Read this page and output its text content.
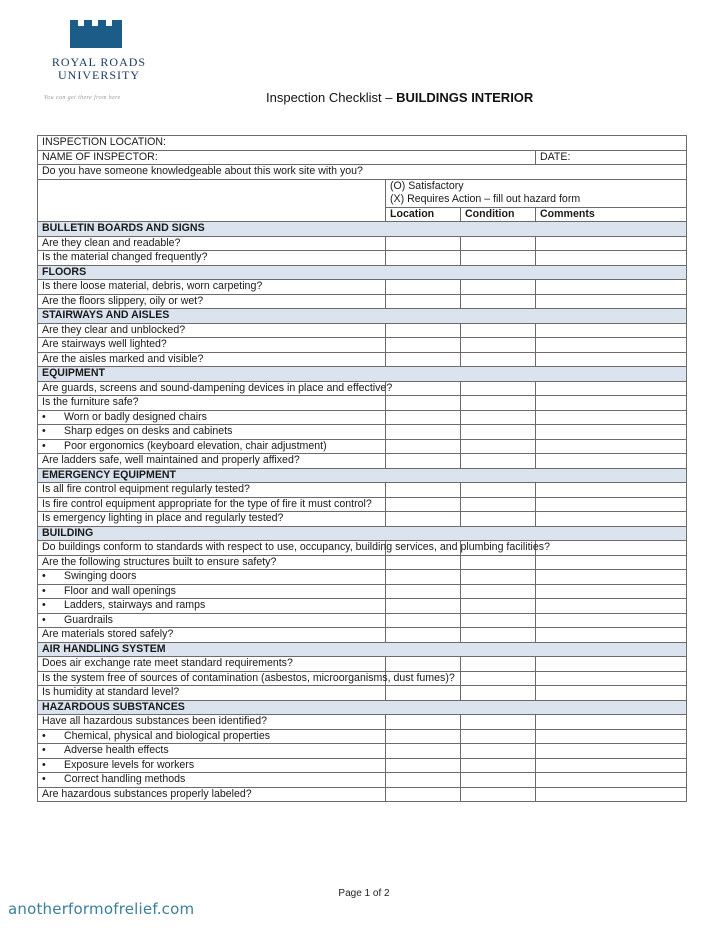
ROYAL ROADS
UNIVERSITY
You can get there from here	Inspection Checklist – BUILDINGS INTERIOR
INSPECTION LOCATION:			
NAME OF INSPECTOR:			DATE:
Do you have someone knowledgeable about this work site with you?			

	(O) Satisfactory
(X) Requires Action – fill out hazard form		

	Location	Condition	Comments
BULLETIN BOARDS AND SIGNS			
Are they clean and readable?			
Is the material changed frequently?			
FLOORS			
Is there loose material, debris, worn carpeting?			
Are the floors slippery, oily or wet?			
STAIRWAYS AND AISLES			
Are they clear and unblocked?			
Are stairways well lighted?			
Are the aisles marked and visible?			
EQUIPMENT			
Are guards, screens and sound-dampening devices in place and effective?			
Is the furniture safe?			
• Worn or badly designed chairs			
• Sharp edges on desks and cabinets			
• Poor ergonomics (keyboard elevation, chair adjustment)			
Are ladders safe, well maintained and properly affixed?			
EMERGENCY EQUIPMENT			
Is all fire control equipment regularly tested?			
Is fire control equipment appropriate for the type of fire it must control?			
Is emergency lighting in place and regularly tested?			
BUILDING			
Do buildings conform to standards with respect to use, occupancy, building services, and plumbing facilities?			
Are the following structures built to ensure safety?			
• Swinging doors			
• Floor and wall openings			
• Ladders, stairways and ramps			
• Guardrails			
Are materials stored safely?			
AIR HANDLING SYSTEM			
Does air exchange rate meet standard requirements?			
Is the system free of sources of contamination (asbestos, microorganisms, dust fumes)?			
Is humidity at standard level?			
HAZARDOUS SUBSTANCES			
Have all hazardous substances been identified?			
• Chemical, physical and biological properties			
• Adverse health effects			
• Exposure levels for workers			
• Correct handling methods			
Are hazardous substances properly labeled?			
Page 1 of 2
anotherformofrelief.com
